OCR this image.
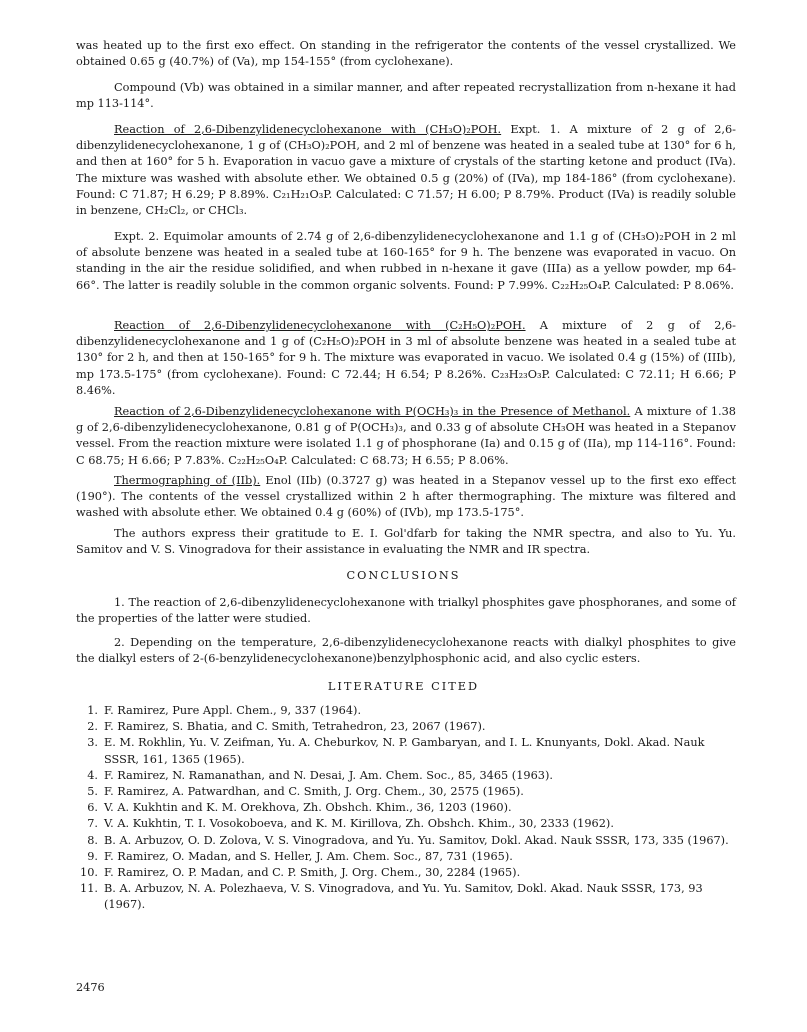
was heated up to the first exo effect. On standing in the refrigerator the contents of the vessel crystallized. We obtained 0.65 g (40.7%) of (Va), mp 154-155° (from cyclohexane).

Compound (Vb) was obtained in a similar manner, and after repeated recrystallization from n-hexane it had mp 113-114°.

Reaction of 2,6-Dibenzylidenecyclohexanone with (CH₃O)₂POH. Expt. 1. A mixture of 2 g of 2,6-dibenzylidenecyclohexanone, 1 g of (CH₃O)₂POH, and 2 ml of benzene was heated in a sealed tube at 130° for 6 h, and then at 160° for 5 h. Evaporation in vacuo gave a mixture of crystals of the starting ketone and product (IVa). The mixture was washed with absolute ether. We obtained 0.5 g (20%) of (IVa), mp 184-186° (from cyclohexane). Found: C 71.87; H 6.29; P 8.89%. C₂₁H₂₁O₃P. Calculated: C 71.57; H 6.00; P 8.79%. Product (IVa) is readily soluble in benzene, CH₂Cl₂, or CHCl₃.

Expt. 2. Equimolar amounts of 2.74 g of 2,6-dibenzylidenecyclohexanone and 1.1 g of (CH₃O)₂POH in 2 ml of absolute benzene was heated in a sealed tube at 160-165° for 9 h. The benzene was evaporated in vacuo. On standing in the air the residue solidified, and when rubbed in n-hexane it gave (IIIa) as a yellow powder, mp 64-66°. The latter is readily soluble in the common organic solvents. Found: P 7.99%. C₂₂H₂₅O₄P. Calculated: P 8.06%.

Reaction of 2,6-Dibenzylidenecyclohexanone with (C₂H₅O)₂POH. A mixture of 2 g of 2,6-dibenzylidenecyclohexanone and 1 g of (C₂H₅O)₂POH in 3 ml of absolute benzene was heated in a sealed tube at 130° for 2 h, and then at 150-165° for 9 h. The mixture was evaporated in vacuo. We isolated 0.4 g (15%) of (IIIb), mp 173.5-175° (from cyclohexane). Found: C 72.44; H 6.54; P 8.26%. C₂₃H₂₃O₃P. Calculated: C 72.11; H 6.66; P 8.46%.

Reaction of 2,6-Dibenzylidenecyclohexanone with P(OCH₃)₃ in the Presence of Methanol. A mixture of 1.38 g of 2,6-dibenzylidenecyclohexanone, 0.81 g of P(OCH₃)₃, and 0.33 g of absolute CH₃OH was heated in a Stepanov vessel. From the reaction mixture were isolated 1.1 g of phosphorane (Ia) and 0.15 g of (IIa), mp 114-116°. Found: C 68.75; H 6.66; P 7.83%. C₂₂H₂₅O₄P. Calculated: C 68.73; H 6.55; P 8.06%.

Thermographing of (IIb). Enol (IIb) (0.3727 g) was heated in a Stepanov vessel up to the first exo effect (190°). The contents of the vessel crystallized within 2 h after thermographing. The mixture was filtered and washed with absolute ether. We obtained 0.4 g (60%) of (IVb), mp 173.5-175°.

The authors express their gratitude to E. I. Gol'dfarb for taking the NMR spectra, and also to Yu. Yu. Samitov and V. S. Vinogradova for their assistance in evaluating the NMR and IR spectra.

CONCLUSIONS

1. The reaction of 2,6-dibenzylidenecyclohexanone with trialkyl phosphites gave phosphoranes, and some of the properties of the latter were studied.

2. Depending on the temperature, 2,6-dibenzylidenecyclohexanone reacts with dialkyl phosphites to give the dialkyl esters of 2-(6-benzylidenecyclohexanone)benzylphosphonic acid, and also cyclic esters.

LITERATURE CITED

1. F. Ramirez, Pure Appl. Chem., 9, 337 (1964).
2. F. Ramirez, S. Bhatia, and C. Smith, Tetrahedron, 23, 2067 (1967).
3. E. M. Rokhlin, Yu. V. Zeifman, Yu. A. Cheburkov, N. P. Gambaryan, and I. L. Knunyants, Dokl. Akad. Nauk SSSR, 161, 1365 (1965).
4. F. Ramirez, N. Ramanathan, and N. Desai, J. Am. Chem. Soc., 85, 3465 (1963).
5. F. Ramirez, A. Patwardhan, and C. Smith, J. Org. Chem., 30, 2575 (1965).
6. V. A. Kukhtin and K. M. Orekhova, Zh. Obshch. Khim., 36, 1203 (1960).
7. V. A. Kukhtin, T. I. Vosokoboeva, and K. M. Kirillova, Zh. Obshch. Khim., 30, 2333 (1962).
8. B. A. Arbuzov, O. D. Zolova, V. S. Vinogradova, and Yu. Yu. Samitov, Dokl. Akad. Nauk SSSR, 173, 335 (1967).
9. F. Ramirez, O. Madan, and S. Heller, J. Am. Chem. Soc., 87, 731 (1965).
10. F. Ramirez, O. P. Madan, and C. P. Smith, J. Org. Chem., 30, 2284 (1965).
11. B. A. Arbuzov, N. A. Polezhaeva, V. S. Vinogradova, and Yu. Yu. Samitov, Dokl. Akad. Nauk SSSR, 173, 93 (1967).
2476
